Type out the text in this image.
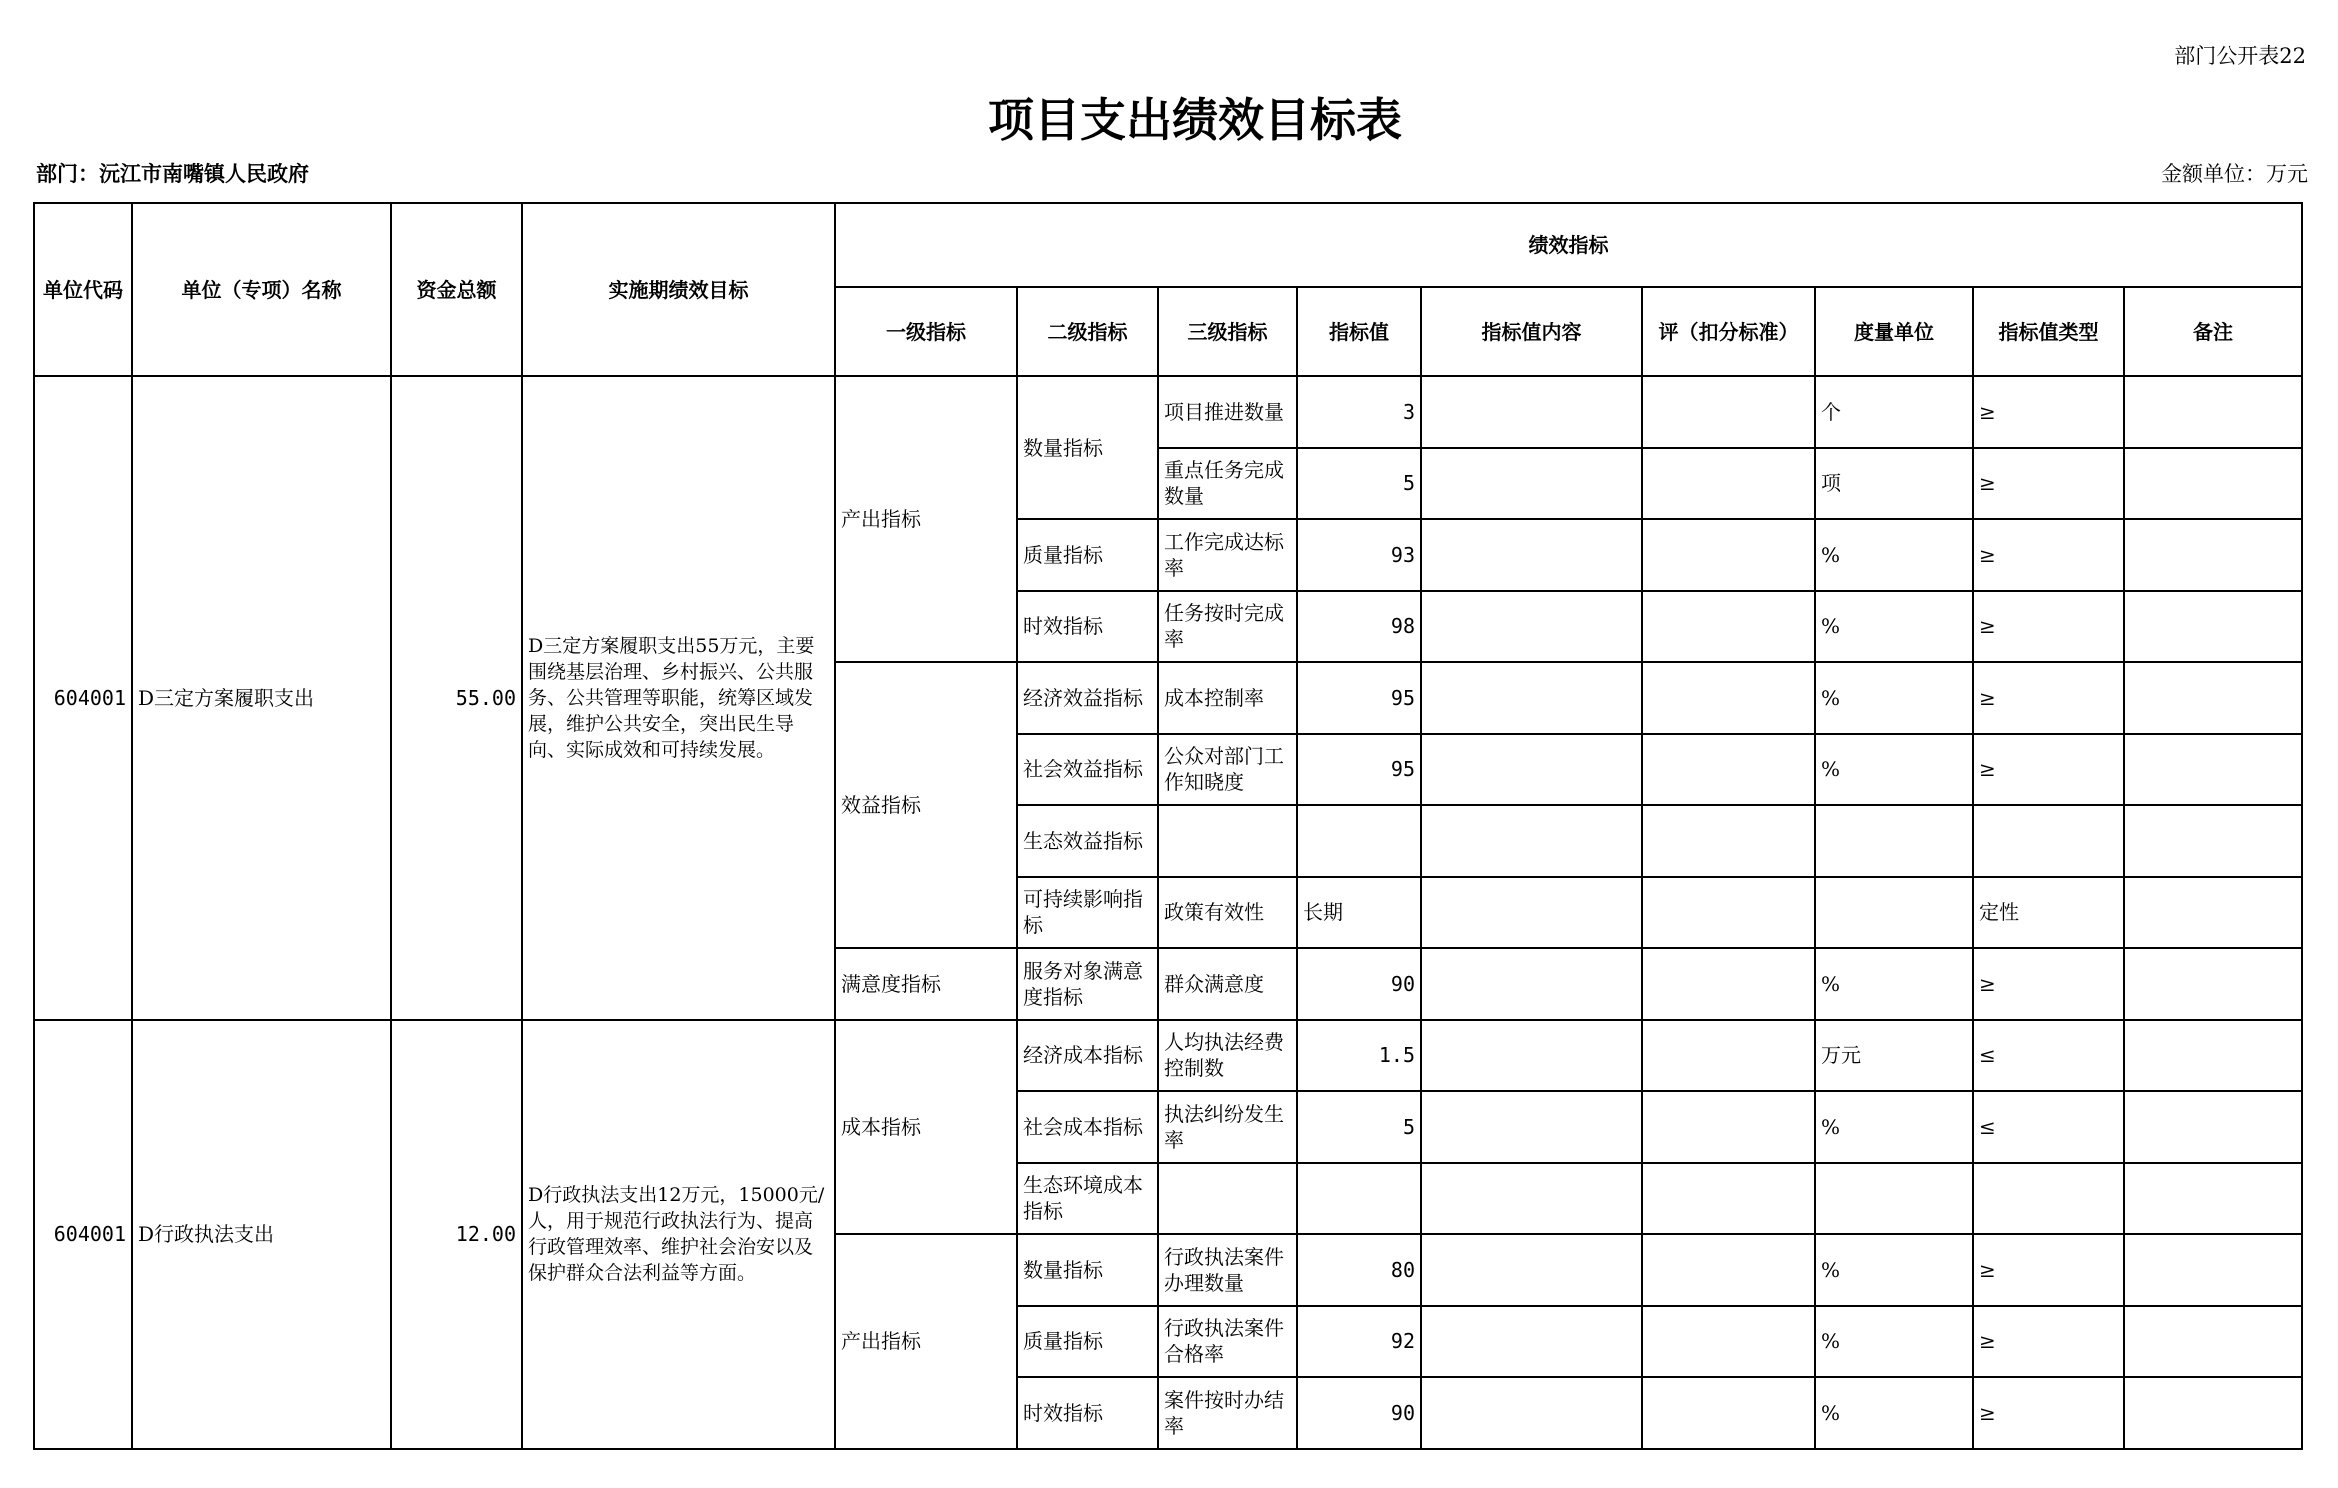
部门公开表22
项目支出绩效目标表
部门：沅江市南嘴镇人民政府	金额单位：万元
单位代码	单位（专项）名称	资金总额	实施期绩效目标	绩效指标								
				一级指标	二级指标	三级指标	指标值	指标值内容	评（扣分标准）	度量单位	指标值类型	备注
604001	D三定方案履职支出	55.00	D三定方案履职支出55万元，主要围绕基层治理、乡村振兴、公共服务、公共管理等职能，统筹区域发展，维护公共安全，突出民生导向、实际成效和可持续发展。	产出指标	数量指标	项目推进数量	3			个	≥	
						重点任务完成数量	5			项	≥	
					质量指标	工作完成达标率	93			%	≥	
					时效指标	任务按时完成率	98			%	≥	
				效益指标	经济效益指标	成本控制率	95			%	≥	
					社会效益指标	公众对部门工作知晓度	95			%	≥	
					生态效益指标							
					可持续影响指标	政策有效性	长期				定性	
				满意度指标	服务对象满意度指标	群众满意度	90			%	≥	
604001	D行政执法支出	12.00	D行政执法支出12万元，15000元/人，用于规范行政执法行为、提高行政管理效率、维护社会治安以及保护群众合法利益等方面。	成本指标	经济成本指标	人均执法经费控制数	1.5			万元	≤	
					社会成本指标	执法纠纷发生率	5			%	≤	
					生态环境成本指标							
				产出指标	数量指标	行政执法案件办理数量	80			%	≥	
					质量指标	行政执法案件合格率	92			%	≥	
					时效指标	案件按时办结率	90			%	≥	
